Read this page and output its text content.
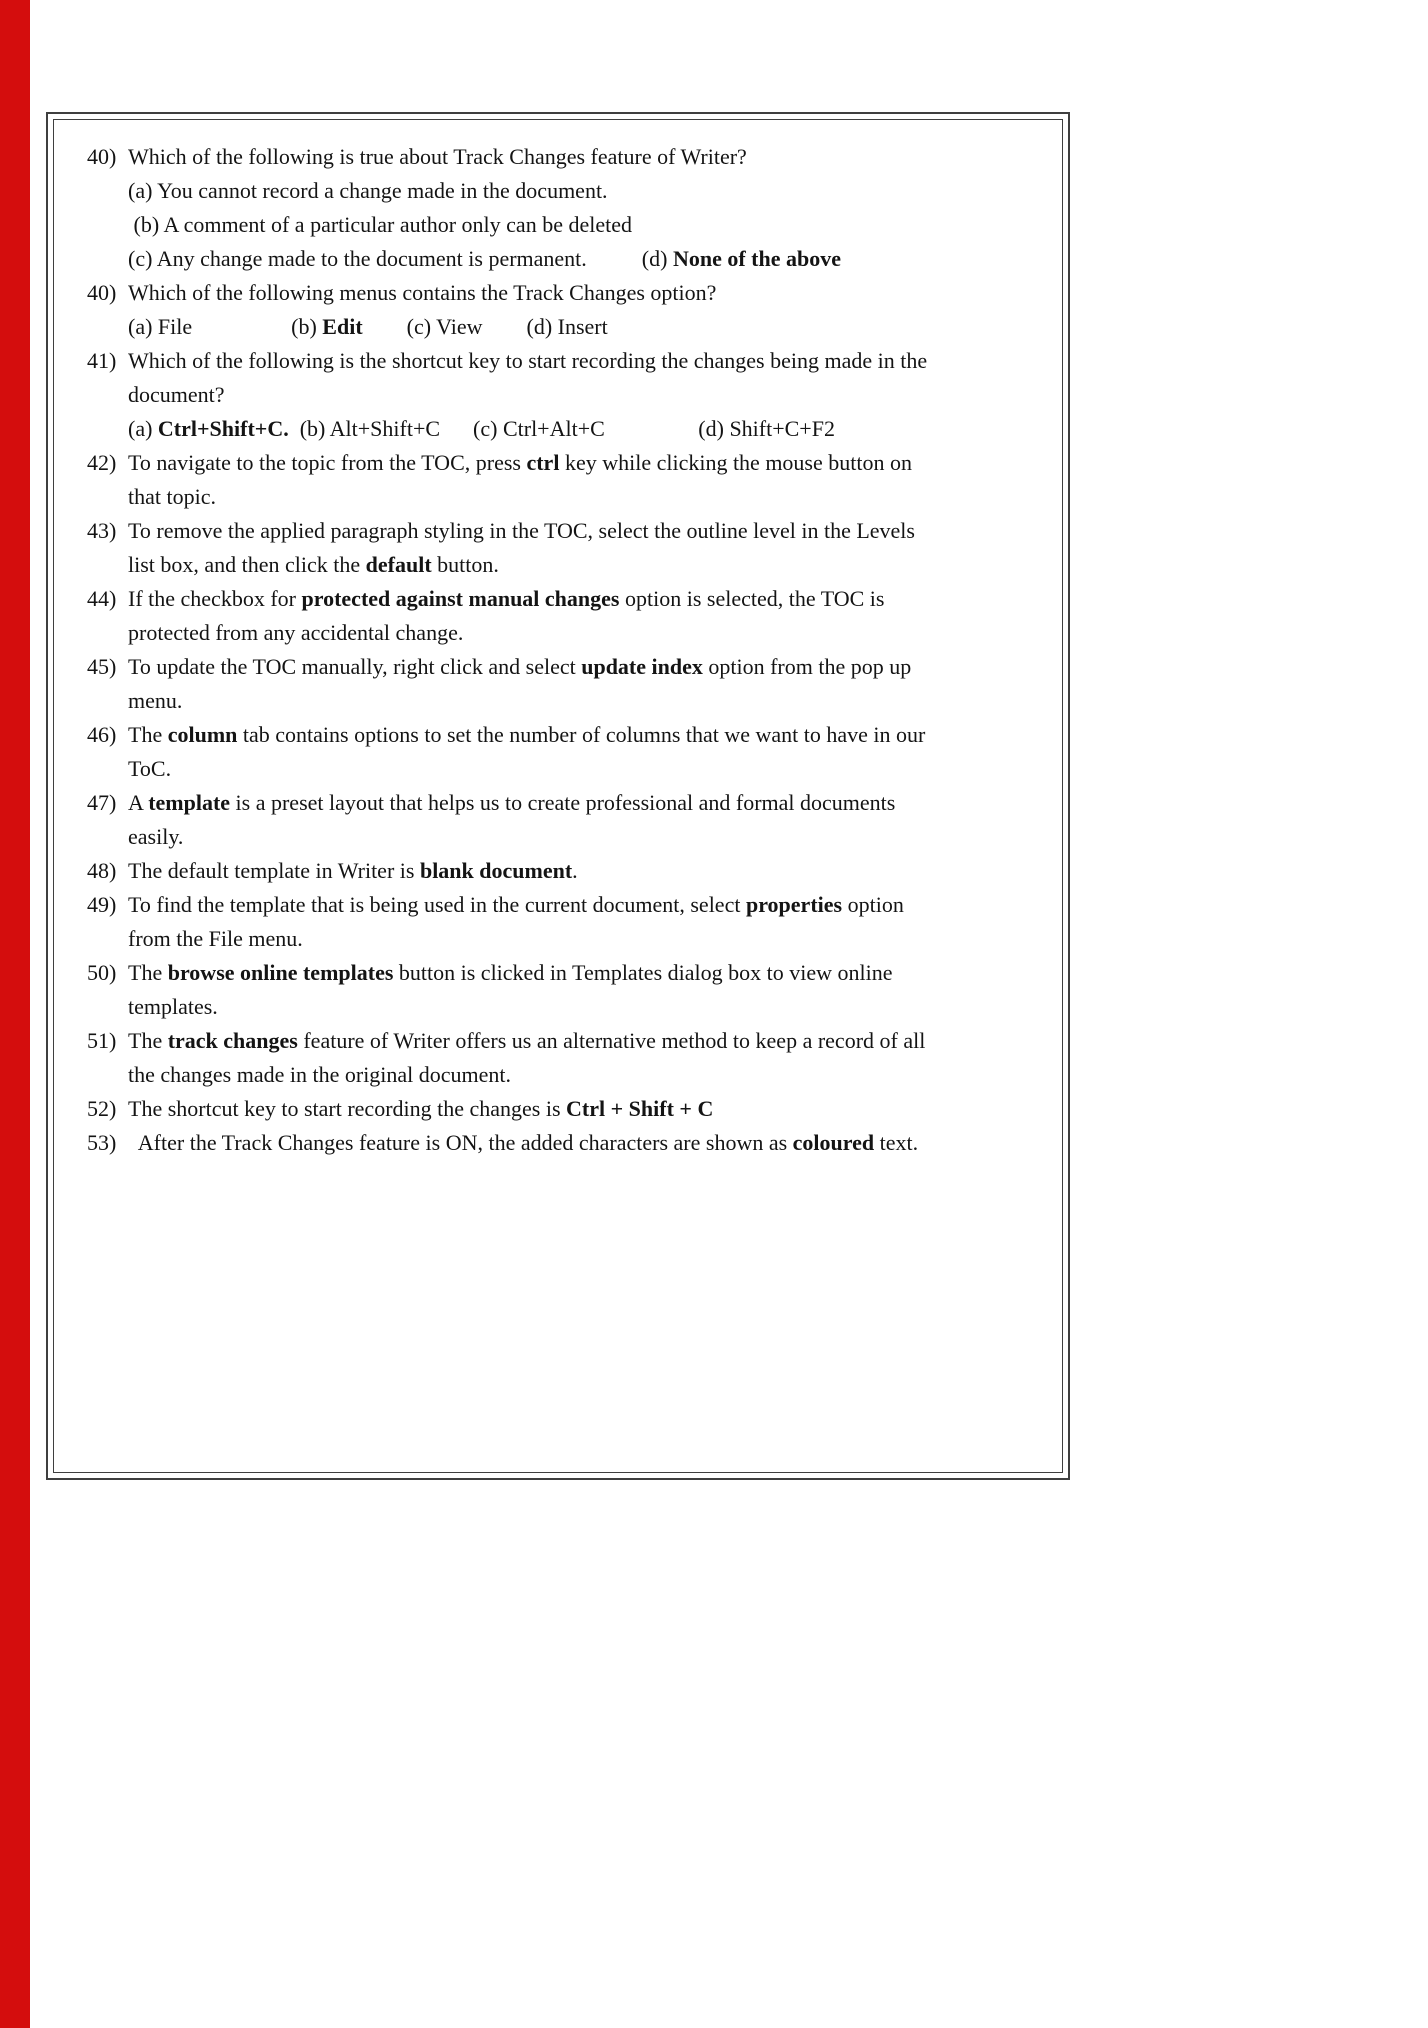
40) Which of the following is true about Track Changes feature of Writer?
(a) You cannot record a change made in the document.
(b) A comment of a particular author only can be deleted
(c) Any change made to the document is permanent.          (d) None of the above
40) Which of the following menus contains the Track Changes option?
(a) File                  (b) Edit        (c) View        (d) Insert
41) Which of the following is the shortcut key to start recording the changes being made in the
document?
(a) Ctrl+Shift+C.  (b) Alt+Shift+C      (c) Ctrl+Alt+C                 (d) Shift+C+F2
42) To navigate to the topic from the TOC, press ctrl key while clicking the mouse button on
that topic.
43) To remove the applied paragraph styling in the TOC, select the outline level in the Levels
list box, and then click the default button.
44) If the checkbox for protected against manual changes option is selected, the TOC is
protected from any accidental change.
45) To update the TOC manually, right click and select update index option from the pop up
menu.
46) The column tab contains options to set the number of columns that we want to have in our
ToC.
47) A template is a preset layout that helps us to create professional and formal documents
easily.
48) The default template in Writer is blank document.
49) To find the template that is being used in the current document, select properties option
from the File menu.
50) The browse online templates button is clicked in Templates dialog box to view online
templates.
51) The track changes feature of Writer offers us an alternative method to keep a record of all
the changes made in the original document.
52) The shortcut key to start recording the changes is Ctrl + Shift + C
53)  After the Track Changes feature is ON, the added characters are shown as coloured text.
